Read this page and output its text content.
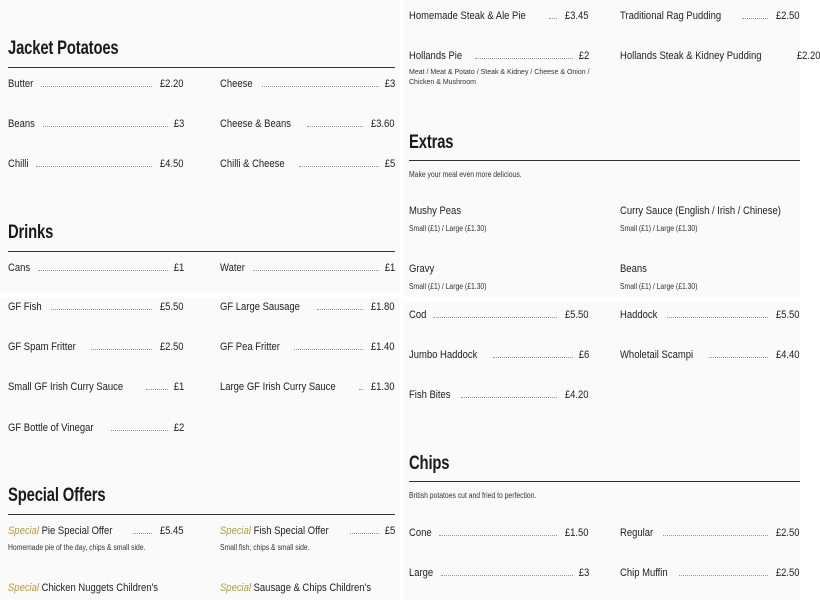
Jacket Potatoes
Butter	£2.20	Cheese	£3
Beans	£3	Cheese & Beans	£3.60
Chilli	£4.50	Chilli & Cheese	£5
Drinks
Cans	£1	Water	£1
GF Fish	£5.50	GF Large Sausage	£1.80
GF Spam Fritter	£2.50	GF Pea Fritter	£1.40
Small GF Irish Curry Sauce	£1	Large GF Irish Curry Sauce	£1.30
GF Bottle of Vinegar	£2
Special Offers
Special Pie Special Offer	£5.45
Homemade pie of the day, chips & small side.
Special Fish Special Offer	£5
Small fish, chips & small side.
Special Chicken Nuggets Children's	Special Sausage & Chips Children's
Homemade Steak & Ale Pie	£3.45	Traditional Rag Pudding	£2.50
Hollands Pie	£2
Meat / Meat & Potato / Steak & Kidney / Cheese & Onion / Chicken & Mushroom
Hollands Steak & Kidney Pudding	£2.20
Extras
Make your meal even more delicious.
Mushy Peas
Small (£1) / Large (£1.30)
Curry Sauce (English / Irish / Chinese)
Small (£1) / Large (£1.30)
Gravy
Small (£1) / Large (£1.30)
Beans
Small (£1) / Large (£1.30)
Cod	£5.50	Haddock	£5.50
Jumbo Haddock	£6	Wholetail Scampi	£4.40
Fish Bites	£4.20
Chips
British potatoes cut and fried to perfection.
Cone	£1.50	Regular	£2.50
Large	£3	Chip Muffin	£2.50
